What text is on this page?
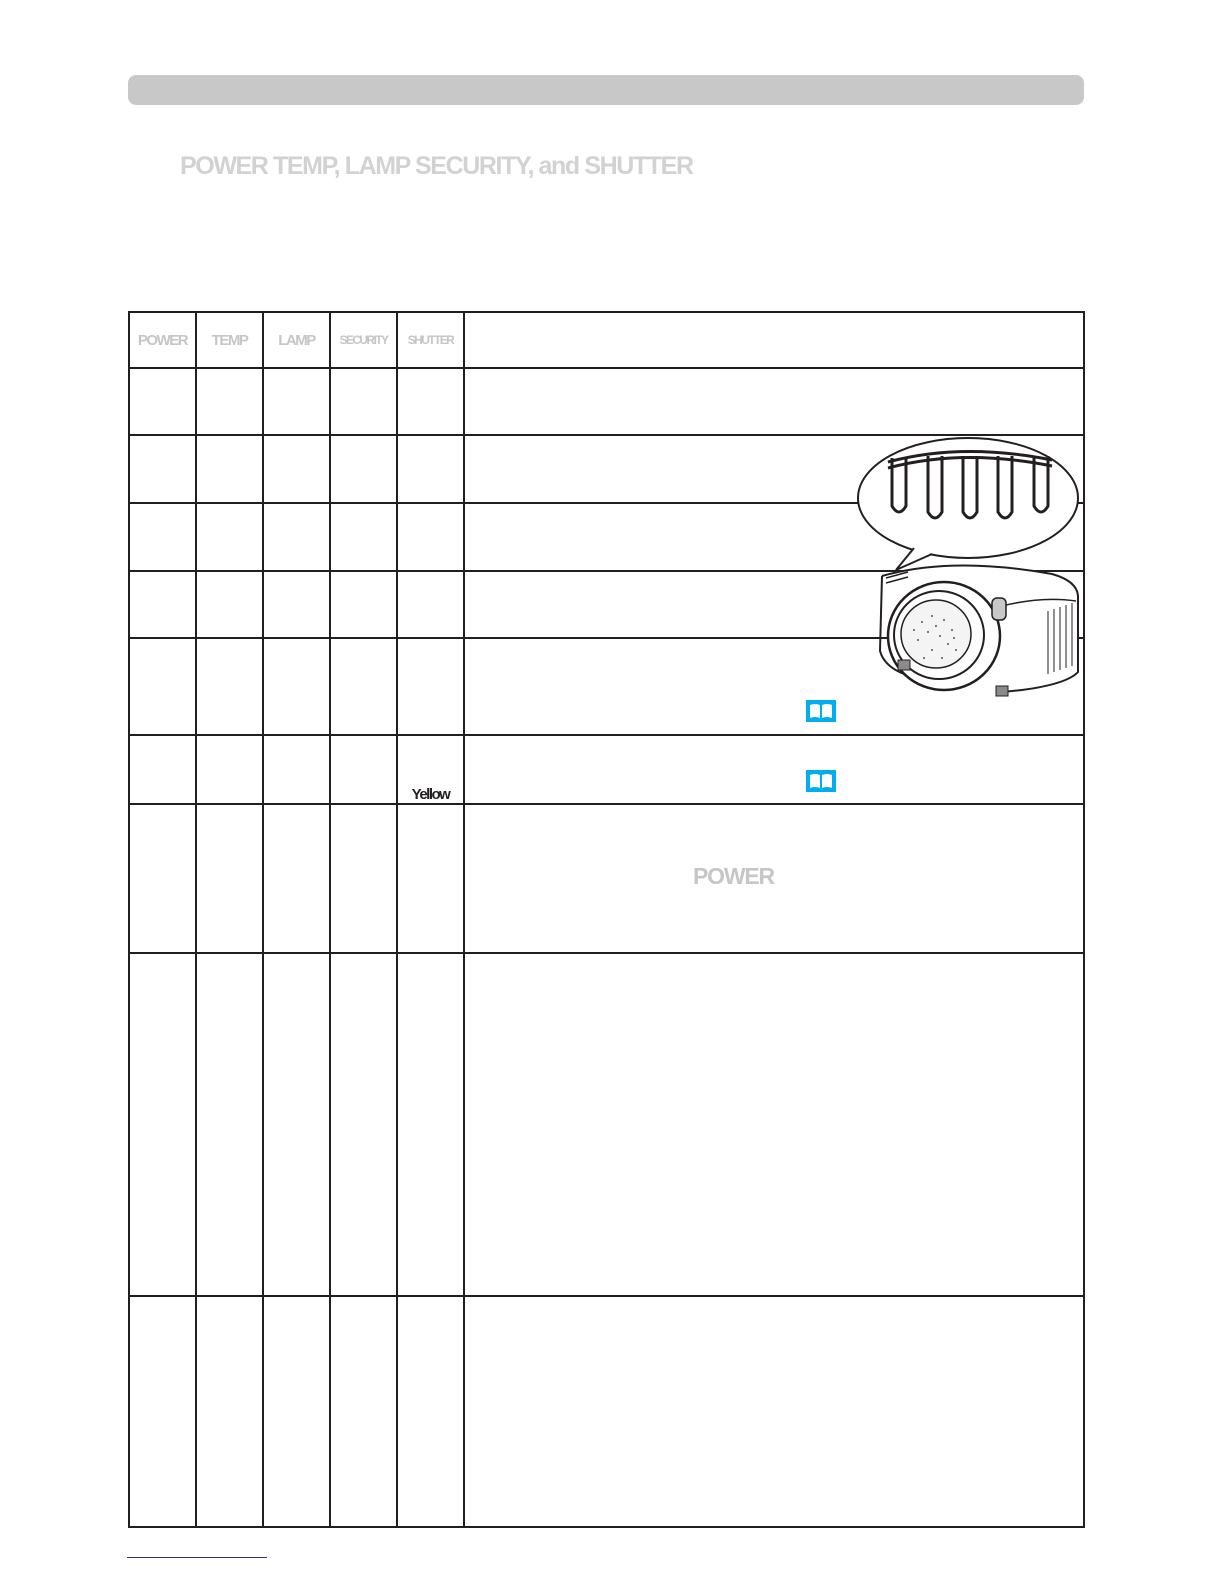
POWER TEMP, LAMP SECURITY, and SHUTTER
POWER	TEMP	LAMP	SECURITY	SHUTTER	

				Yellow	

					POWER
